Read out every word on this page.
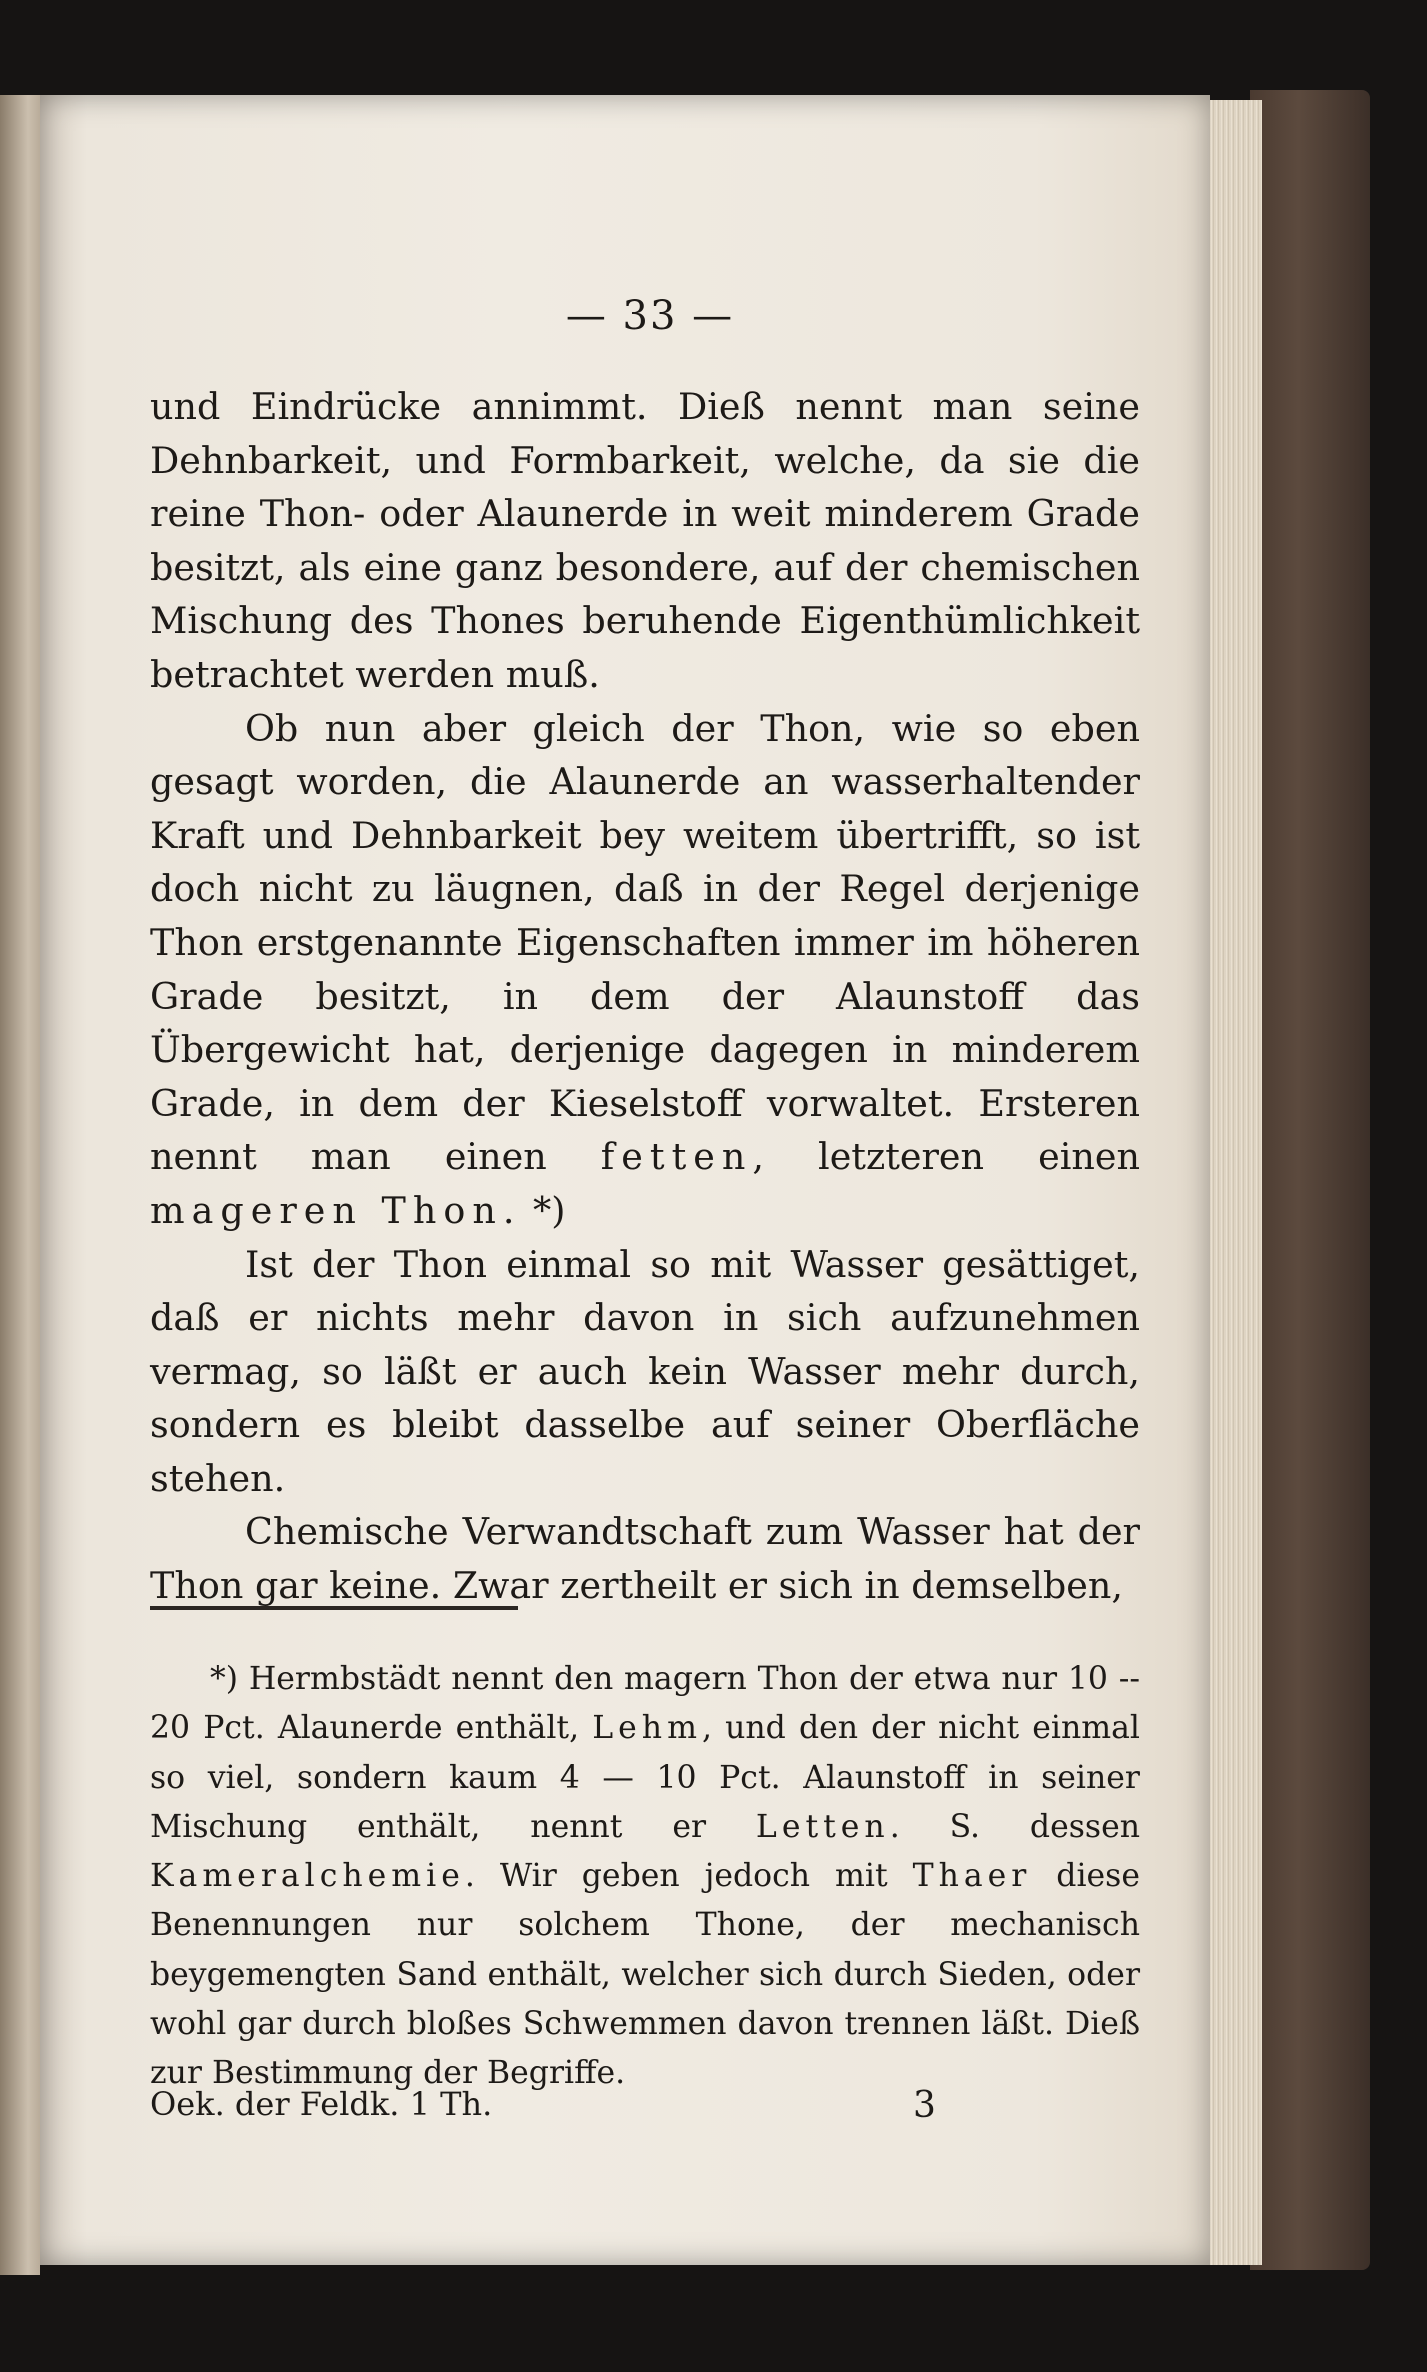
— 33 —

und Eindrücke annimmt. Dieß nennt man seine Dehnbarkeit, und Formbarkeit, welche, da sie die reine Thon- oder Alaunerde in weit minderem Grade besitzt, als eine ganz besondere, auf der chemischen Mischung des Thones beruhende Eigenthümlichkeit betrachtet werden muß.

Ob nun aber gleich der Thon, wie so eben gesagt worden, die Alaunerde an wasserhaltender Kraft und Dehnbarkeit bey weitem übertrifft, so ist doch nicht zu läugnen, daß in der Regel derjenige Thon erstgenannte Eigenschaften immer im höheren Grade besitzt, in dem der Alaunstoff das Übergewicht hat, derjenige dagegen in minderem Grade, in dem der Kieselstoff vorwaltet. Ersteren nennt man einen fetten, letzteren einen mageren Thon. *)

Ist der Thon einmal so mit Wasser gesättiget, daß er nichts mehr davon in sich aufzunehmen vermag, so läßt er auch kein Wasser mehr durch, sondern es bleibt dasselbe auf seiner Oberfläche stehen.

Chemische Verwandtschaft zum Wasser hat der Thon gar keine. Zwar zertheilt er sich in demselben,

*) Hermbstädt nennt den magern Thon der etwa nur 10 -- 20 Pct. Alaunerde enthält, Lehm, und den der nicht einmal so viel, sondern kaum 4 — 10 Pct. Alaunstoff in seiner Mischung enthält, nennt er Letten. S. dessen Kameralchemie. Wir geben jedoch mit Thaer diese Benennungen nur solchem Thone, der mechanisch beygemengten Sand enthält, welcher sich durch Sieden, oder wohl gar durch bloßes Schwemmen davon trennen läßt. Dieß zur Bestimmung der Begriffe.

Oek. der Feldk. 1 Th.	3
